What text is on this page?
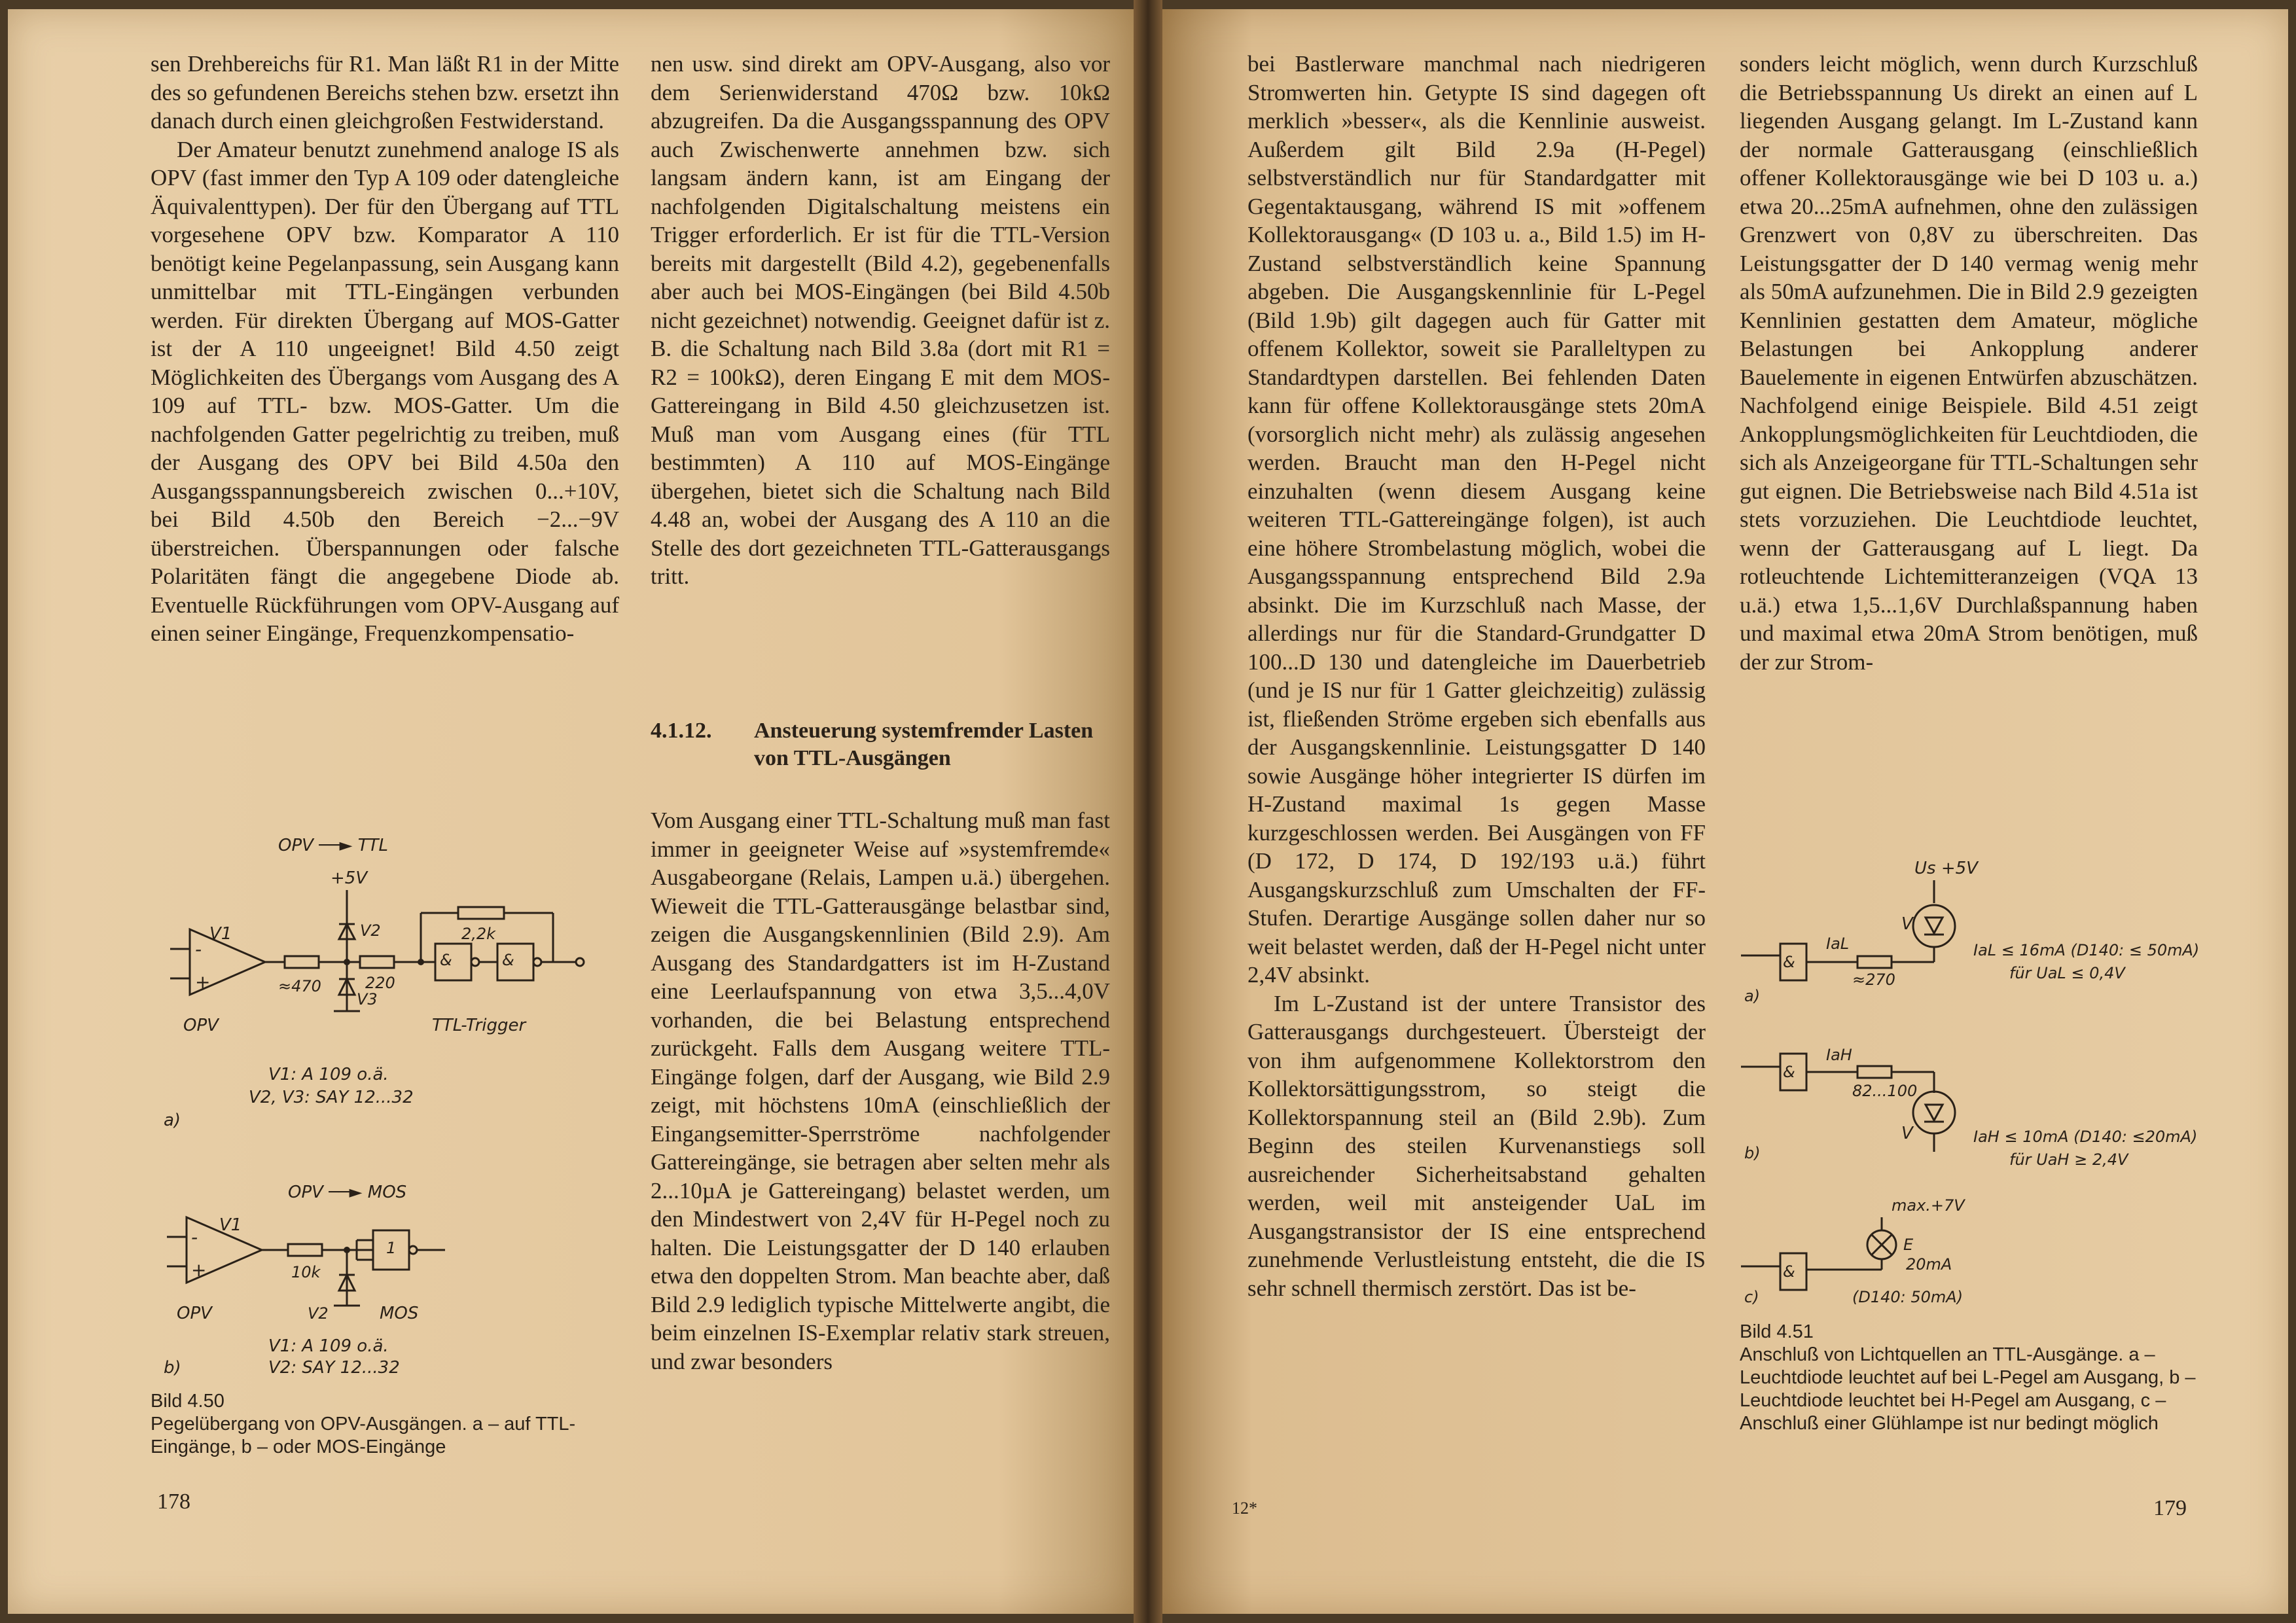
sen Drehbereichs für R1. Man läßt R1 in der Mitte des so gefundenen Bereichs stehen bzw. ersetzt ihn danach durch einen gleichgroßen Festwiderstand.

Der Amateur benutzt zunehmend analoge IS als OPV (fast immer den Typ A 109 oder datengleiche Äquivalenttypen). Der für den Übergang auf TTL vorgesehene OPV bzw. Komparator A 110 benötigt keine Pegelanpassung, sein Ausgang kann unmittelbar mit TTL-Eingängen verbunden werden. Für direkten Übergang auf MOS-Gatter ist der A 110 ungeeignet! Bild 4.50 zeigt Möglichkeiten des Übergangs vom Ausgang des A 109 auf TTL- bzw. MOS-Gatter. Um die nachfolgenden Gatter pegelrichtig zu treiben, muß der Ausgang des OPV bei Bild 4.50a den Ausgangsspannungsbereich zwischen 0...+10V, bei Bild 4.50b den Bereich −2...−9V überstreichen. Überspannungen oder falsche Polaritäten fängt die angegebene Diode ab. Eventuelle Rückführungen vom OPV-Ausgang auf einen seiner Eingänge, Frequenzkompensatio-

nen usw. sind direkt am OPV-Ausgang, also vor dem Serienwiderstand 470Ω bzw. 10kΩ abzugreifen. Da die Ausgangsspannung des OPV auch Zwischenwerte annehmen bzw. sich langsam ändern kann, ist am Eingang der nachfolgenden Digitalschaltung meistens ein Trigger erforderlich. Er ist für die TTL-Version bereits mit dargestellt (Bild 4.2), gegebenenfalls aber auch bei MOS-Eingängen (bei Bild 4.50b nicht gezeichnet) notwendig. Geeignet dafür ist z. B. die Schaltung nach Bild 3.8a (dort mit R1 = R2 = 100kΩ), deren Eingang E mit dem MOS-Gattereingang in Bild 4.50 gleichzusetzen ist. Muß man vom Ausgang eines (für TTL bestimmten) A 110 auf MOS-Eingänge übergehen, bietet sich die Schaltung nach Bild 4.48 an, wobei der Ausgang des A 110 an die Stelle des dort gezeichneten TTL-Gatterausgangs tritt.

4.1.12. Ansteuerung systemfremder Lasten von TTL-Ausgängen

Vom Ausgang einer TTL-Schaltung muß man fast immer in geeigneter Weise auf »systemfremde« Ausgabeorgane (Relais, Lampen u.ä.) übergehen. Wieweit die TTL-Gatterausgänge belastbar sind, zeigen die Ausgangskennlinien (Bild 2.9). Am Ausgang des Standardgatters ist im H-Zustand eine Leerlaufspannung von etwa 3,5...4,0V vorhanden, die bei Belastung entsprechend zurückgeht. Falls dem Ausgang weitere TTL-Eingänge folgen, darf der Ausgang, wie Bild 2.9 zeigt, mit höchstens 10mA (einschließlich der Eingangsemitter-Sperrströme nachfolgender Gattereingänge, sie betragen aber selten mehr als 2...10µA je Gattereingang) belastet werden, um den Mindestwert von 2,4V für H-Pegel noch zu halten. Die Leistungsgatter der D 140 erlauben etwa den doppelten Strom. Man beachte aber, daß Bild 2.9 lediglich typische Mittelwerte angibt, die beim einzelnen IS-Exemplar relativ stark streuen, und zwar besonders

OPV ──► TTL
+5V
V1
-
+	≈470
V2
V3
220
2,2k
&	&
OPV	TTL-Trigger
V1: A 109 o.ä.
V2, V3: SAY 12...32
a)
OPV ──► MOS
V1
-
+	10k
V2
1
OPV	MOS
V1: A 109 o.ä.
V2: SAY 12...32
b)
Bild 4.50
Pegelübergang von OPV-Ausgängen. a – auf TTL-Eingänge, b – oder MOS-Eingänge
178

bei Bastlerware manchmal nach niedrigeren Stromwerten hin. Getypte IS sind dagegen oft merklich »besser«, als die Kennlinie ausweist. Außerdem gilt Bild 2.9a (H-Pegel) selbstverständlich nur für Standardgatter mit Gegentaktausgang, während IS mit »offenem Kollektorausgang« (D 103 u. a., Bild 1.5) im H-Zustand selbstverständlich keine Spannung abgeben. Die Ausgangskennlinie für L-Pegel (Bild 1.9b) gilt dagegen auch für Gatter mit offenem Kollektor, soweit sie Paralleltypen zu Standardtypen darstellen. Bei fehlenden Daten kann für offene Kollektorausgänge stets 20mA (vorsorglich nicht mehr) als zulässig angesehen werden. Braucht man den H-Pegel nicht einzuhalten (wenn diesem Ausgang keine weiteren TTL-Gattereingänge folgen), ist auch eine höhere Strombelastung möglich, wobei die Ausgangsspannung entsprechend Bild 2.9a absinkt. Die im Kurzschluß nach Masse, der allerdings nur für die Standard-Grundgatter D 100...D 130 und datengleiche im Dauerbetrieb (und je IS nur für 1 Gatter gleichzeitig) zulässig ist, fließenden Ströme ergeben sich ebenfalls aus der Ausgangskennlinie. Leistungsgatter D 140 sowie Ausgänge höher integrierter IS dürfen im H-Zustand maximal 1s gegen Masse kurzgeschlossen werden. Bei Ausgängen von FF (D 172, D 174, D 192/193 u.ä.) führt Ausgangskurzschluß zum Umschalten der FF-Stufen. Derartige Ausgänge sollen daher nur so weit belastet werden, daß der H-Pegel nicht unter 2,4V absinkt.

Im L-Zustand ist der untere Transistor des Gatterausgangs durchgesteuert. Übersteigt der von ihm aufgenommene Kollektorstrom den Kollektorsättigungsstrom, so steigt die Kollektorspannung steil an (Bild 2.9b). Zum Beginn des steilen Kurvenanstiegs soll ausreichender Sicherheitsabstand gehalten werden, weil mit ansteigender UaL im Ausgangstransistor der IS eine entsprechend zunehmende Verlustleistung entsteht, die die IS sehr schnell thermisch zerstört. Das ist be-

sonders leicht möglich, wenn durch Kurzschluß die Betriebsspannung Us direkt an einen auf L liegenden Ausgang gelangt. Im L-Zustand kann der normale Gatterausgang (einschließlich offener Kollektorausgänge wie bei D 103 u. a.) etwa 20...25mA aufnehmen, ohne den zulässigen Grenzwert von 0,8V zu überschreiten. Das Leistungsgatter der D 140 vermag wenig mehr als 50mA aufzunehmen. Die in Bild 2.9 gezeigten Kennlinien gestatten dem Amateur, mögliche Belastungen bei Ankopplung anderer Bauelemente in eigenen Entwürfen abzuschätzen. Nachfolgend einige Beispiele. Bild 4.51 zeigt Ankopplungsmöglichkeiten für Leuchtdioden, die sich als Anzeigeorgane für TTL-Schaltungen sehr gut eignen. Die Betriebsweise nach Bild 4.51a ist stets vorzuziehen. Die Leuchtdiode leuchtet, wenn der Gatterausgang auf L liegt. Da rotleuchtende Lichtemitteranzeigen (VQA 13 u.ä.) etwa 1,5...1,6V Durchlaßspannung haben und maximal etwa 20mA Strom benötigen, muß der zur Strom-

Us +5V
V
≈270
&
IaL	IaL ≤ 16mA (D140: ≤ 50mA)
für UaL ≤ 0,4V
a)
&
IaH
82...100
V	IaH ≤ 10mA (D140: ≤20mA)
für UaH ≥ 2,4V
b)
max.+7V
E
20mA
&
(D140: 50mA)
c)
Bild 4.51
Anschluß von Lichtquellen an TTL-Ausgänge. a – Leuchtdiode leuchtet auf bei L-Pegel am Ausgang, b – Leuchtdiode leuchtet bei H-Pegel am Ausgang, c – Anschluß einer Glühlampe ist nur bedingt möglich
12*	179
